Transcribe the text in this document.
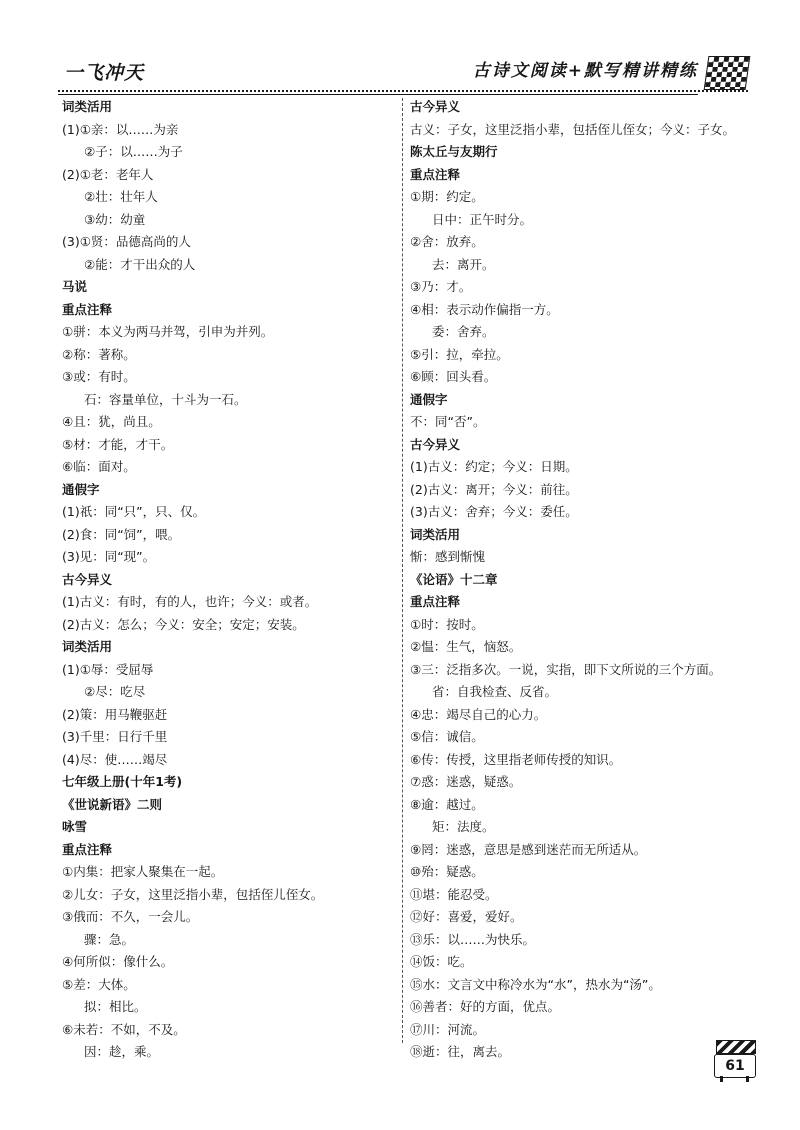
一飞冲天	古诗文阅读+默写精讲精练
词类活用
(1)①亲：以……为亲
②子：以……为子
(2)①老：老年人
②壮：壮年人
③幼：幼童
(3)①贤：品德高尚的人
②能：才干出众的人
马说
重点注释
①骈：本义为两马并驾，引申为并列。
②称：著称。
③或：有时。
石：容量单位，十斗为一石。
④且：犹，尚且。
⑤材：才能，才干。
⑥临：面对。
通假字
(1)祇：同“只”，只、仅。
(2)食：同“饲”，喂。
(3)见：同“现”。
古今异义
(1)古义：有时，有的人，也许；今义：或者。
(2)古义：怎么；今义：安全；安定；安装。
词类活用
(1)①辱：受屈辱
②尽：吃尽
(2)策：用马鞭驱赶
(3)千里：日行千里
(4)尽：使……竭尽
七年级上册(十年1考)
《世说新语》二则
咏雪
重点注释
①内集：把家人聚集在一起。
②儿女：子女，这里泛指小辈，包括侄儿侄女。
③俄而：不久，一会儿。
骤：急。
④何所似：像什么。
⑤差：大体。
拟：相比。
⑥未若：不如，不及。
因：趁，乘。
古今异义
古义：子女，这里泛指小辈，包括侄儿侄女；今义：子女。
陈太丘与友期行
重点注释
①期：约定。
日中：正午时分。
②舍：放弃。
去：离开。
③乃：才。
④相：表示动作偏指一方。
委：舍弃。
⑤引：拉，牵拉。
⑥顾：回头看。
通假字
不：同“否”。
古今异义
(1)古义：约定；今义：日期。
(2)古义：离开；今义：前往。
(3)古义：舍弃；今义：委任。
词类活用
惭：感到惭愧
《论语》十二章
重点注释
①时：按时。
②愠：生气，恼怒。
③三：泛指多次。一说，实指，即下文所说的三个方面。
省：自我检查、反省。
④忠：竭尽自己的心力。
⑤信：诚信。
⑥传：传授，这里指老师传授的知识。
⑦惑：迷惑，疑惑。
⑧逾：越过。
矩：法度。
⑨罔：迷惑，意思是感到迷茫而无所适从。
⑩殆：疑惑。
⑪堪：能忍受。
⑫好：喜爱，爱好。
⑬乐：以……为快乐。
⑭饭：吃。
⑮水：文言文中称冷水为“水”，热水为“汤”。
⑯善者：好的方面，优点。
⑰川：河流。
⑱逝：往，离去。
61
